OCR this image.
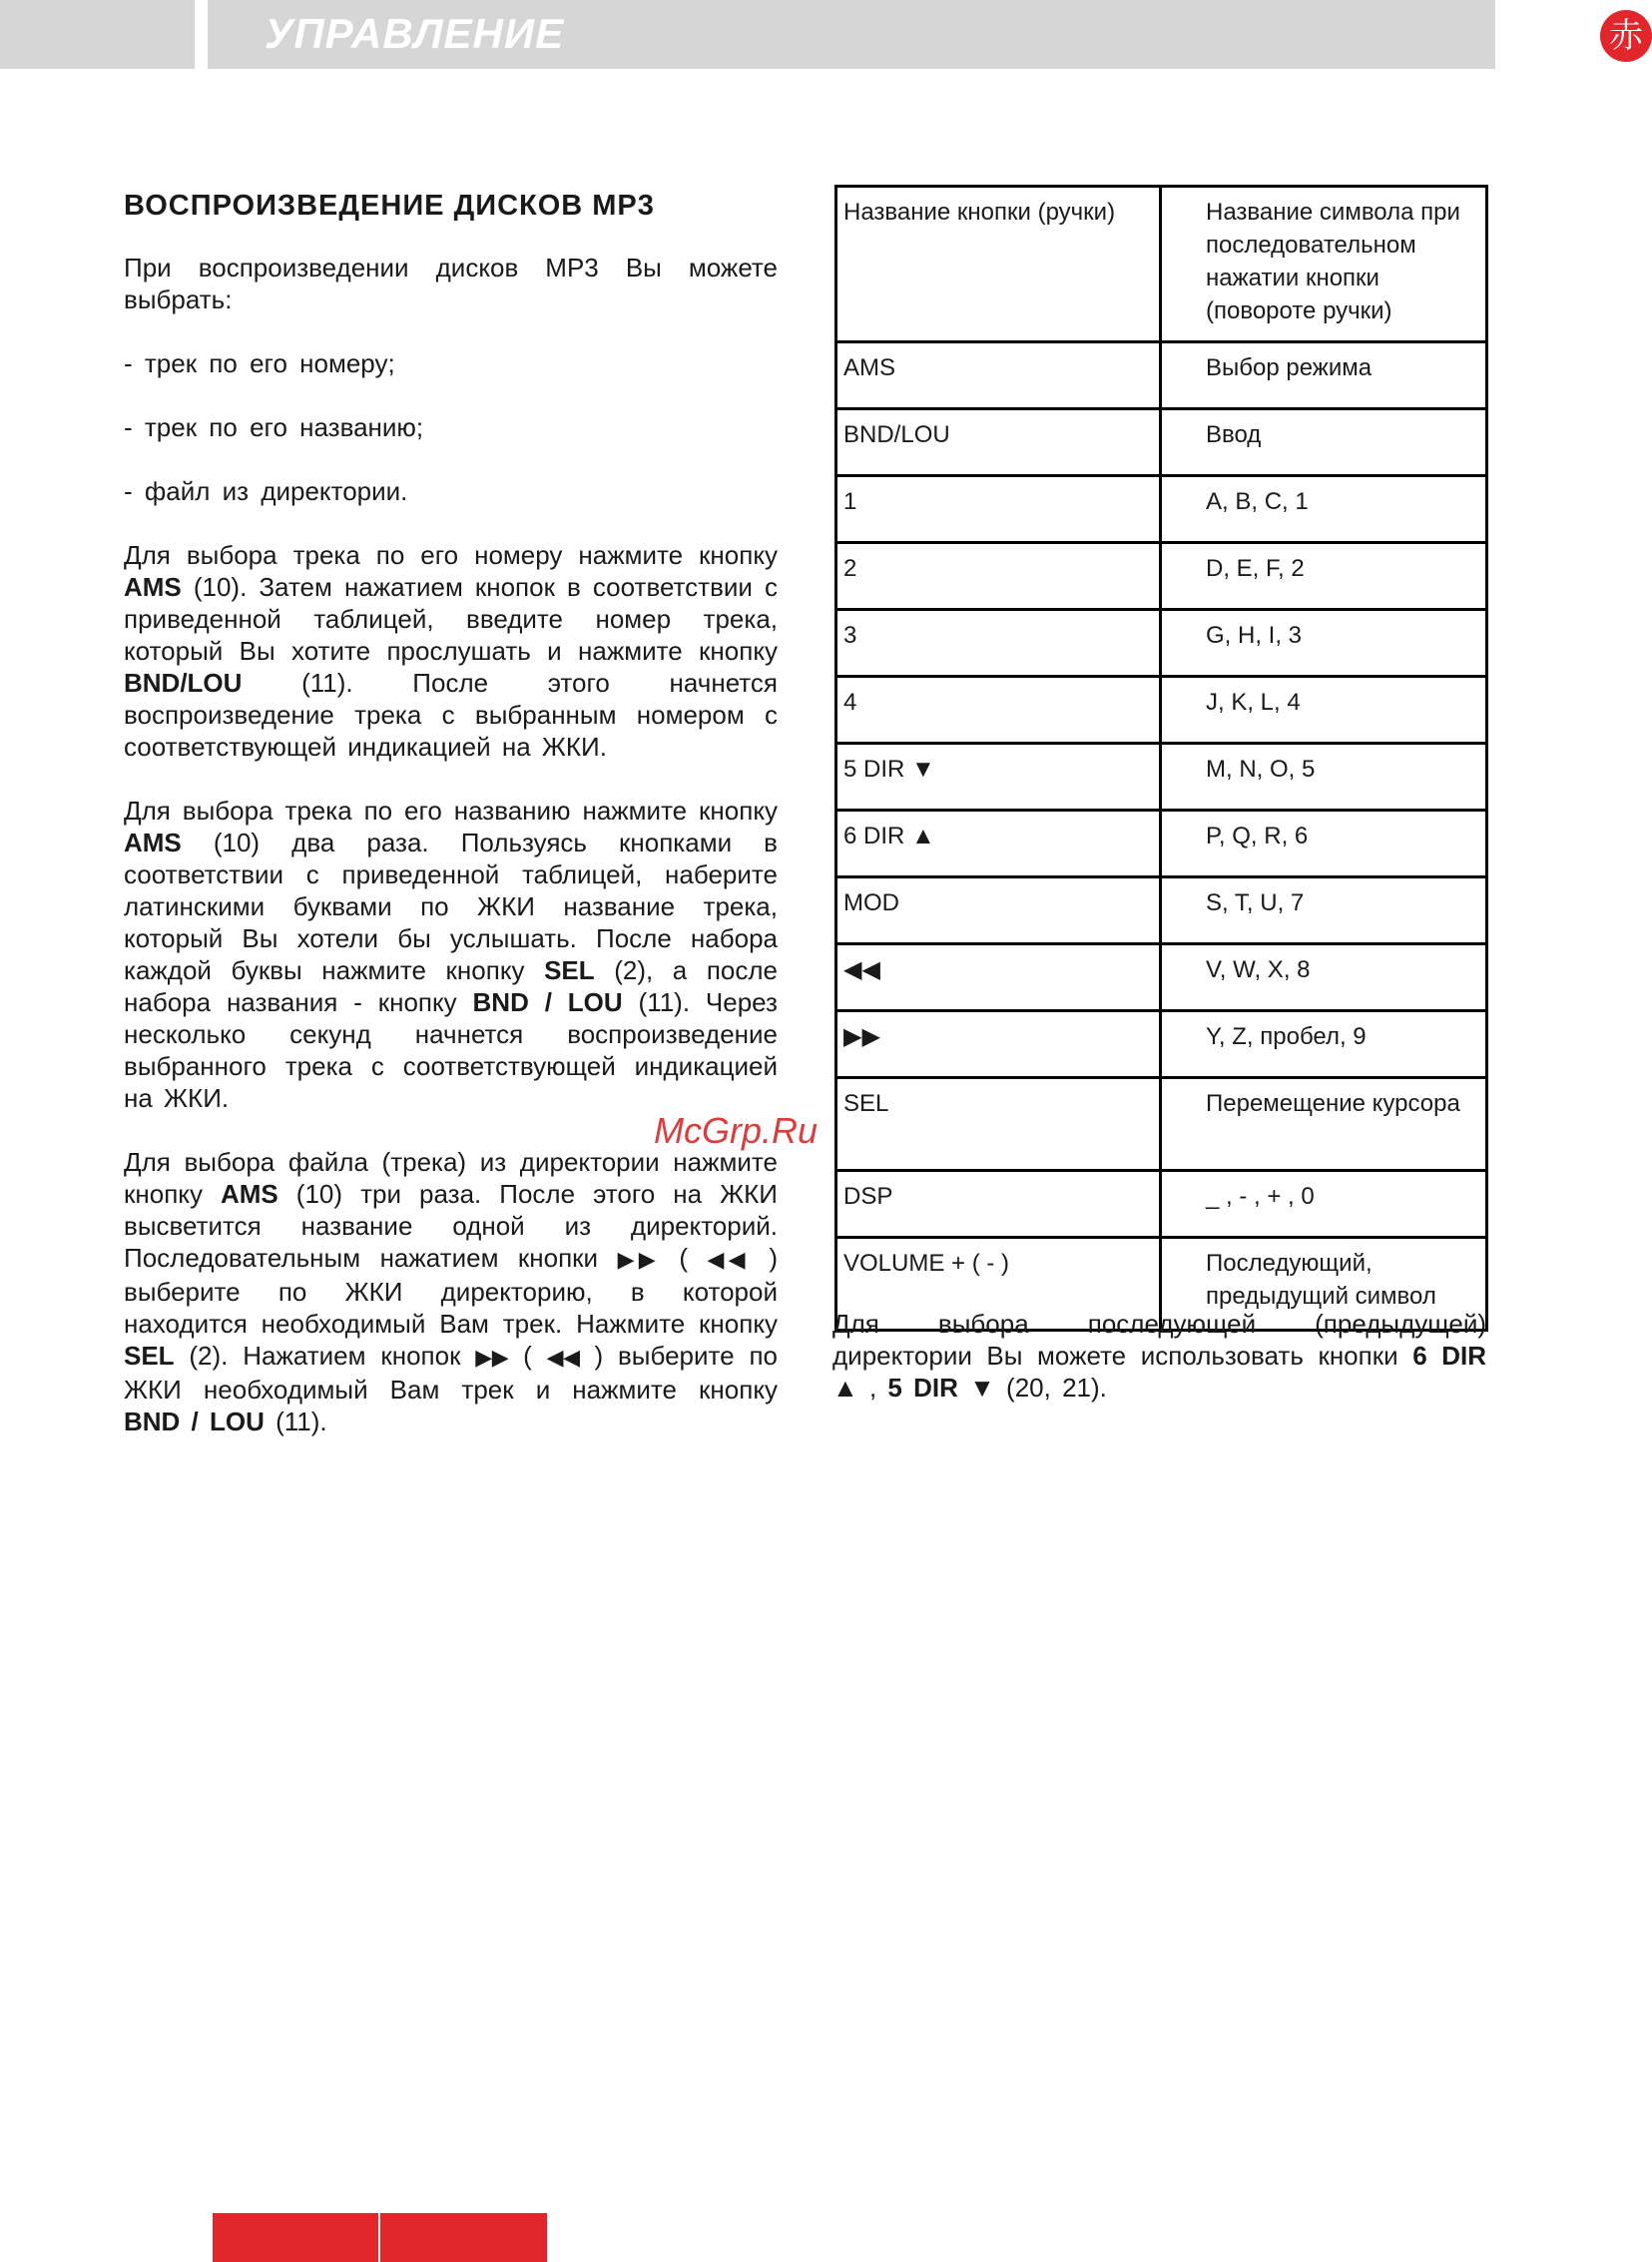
УПРАВЛЕНИЕ	赤
ВОСПРОИЗВЕДЕНИЕ ДИСКОВ MP3
При воспроизведении дисков MP3 Вы можете выбрать:
- трек по его номеру;
- трек по его названию;
- файл из директории.
Для выбора трека по его номеру нажмите кнопку AMS (10). Затем нажатием кнопок в соответствии с приведенной таблицей, введите номер трека, который Вы хотите прослушать и нажмите кнопку BND/LOU (11). После этого начнется воспроизведение трека с выбранным номером с соответствующей индикацией на ЖКИ.
Для выбора трека по его названию нажмите кнопку AMS (10) два раза. Пользуясь кнопками в соответствии с приведенной таблицей, наберите латинскими буквами по ЖКИ название трека, который Вы хотели бы услышать. После набора каждой буквы нажмите кнопку SEL (2), а после набора названия - кнопку BND / LOU (11). Через несколько секунд начнется воспроизведение выбранного трека с соответствующей индикацией на ЖКИ.
Для выбора файла (трека) из директории нажмите кнопку AMS (10) три раза. После этого на ЖКИ высветится название одной из директорий. Последовательным нажатием кнопки ▶▶ ( ◀◀ ) выберите по ЖКИ директорию, в которой находится необходимый Вам трек. Нажмите кнопку SEL (2). Нажатием кнопок ▶▶ ( ◀◀ ) выберите по ЖКИ необходимый Вам трек и нажмите кнопку BND / LOU (11).
Название кнопки (ручки)	Название символа при последовательном нажатии кнопки (повороте ручки)
AMS	Выбор режима
BND/LOU	Ввод
1	A, B, C, 1
2	D, E, F, 2
3	G, H, I, 3
4	J, K, L, 4
5 DIR ▼	M, N, O, 5
6 DIR ▲	P, Q, R, 6
MOD	S, T, U, 7
◀◀	V, W, X, 8
▶▶	Y, Z, пробел, 9
SEL	Перемещение курсора
DSP	_ , - , + , 0
VOLUME + ( - )	Последующий, предыдущий символ
Для выбора последующей (предыдущей) директории Вы можете использовать кнопки 6 DIR ▲ , 5 DIR ▼ (20, 21).
McGrp.Ru
